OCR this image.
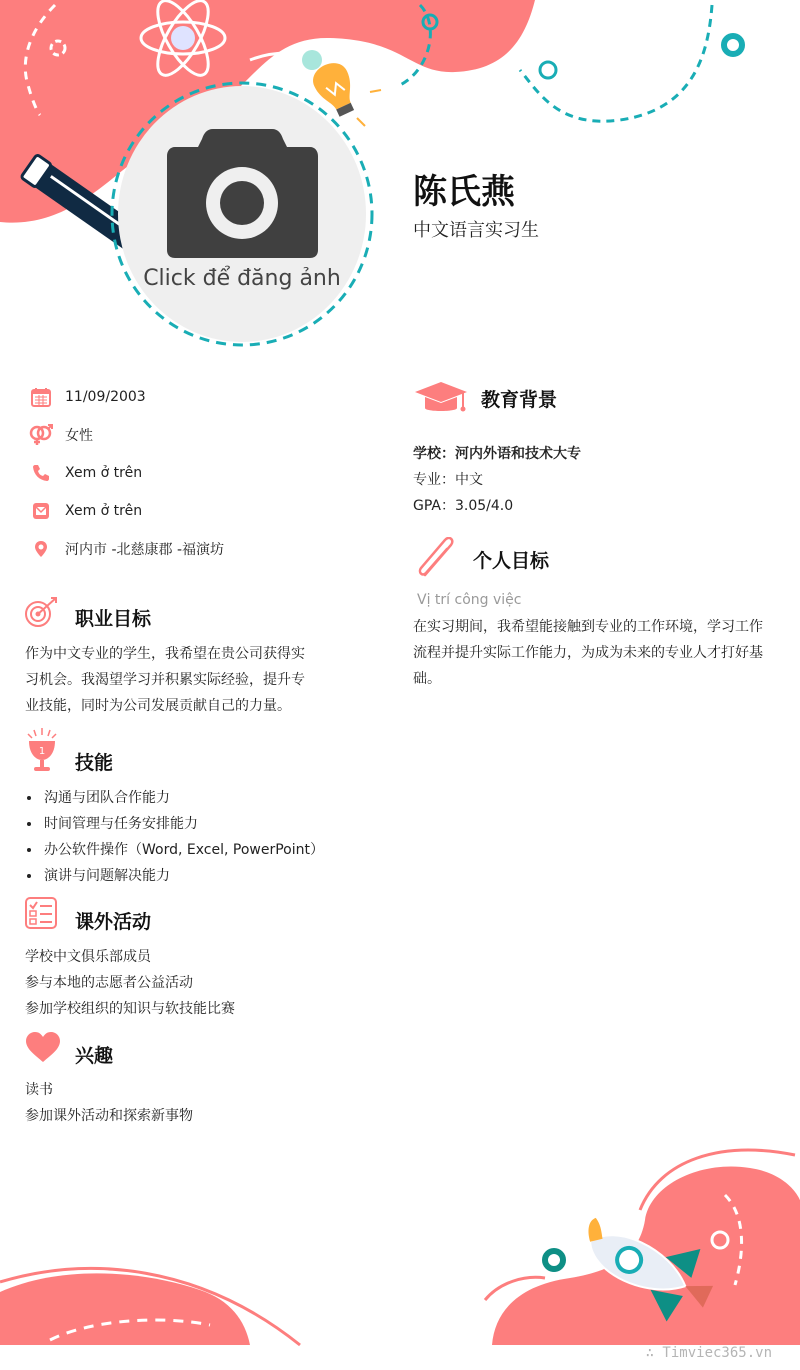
Click để đăng ảnh
陈氏燕
中文语言实习生
11/09/2003
女性
Xem ở trên
Xem ở trên
河内市 -北慈康郡 -福演坊
职业目标
作为中文专业的学生，我希望在贵公司获得实
习机会。我渴望学习并积累实际经验，提升专
业技能，同时为公司发展贡献自己的力量。
1
技能
沟通与团队合作能力
时间管理与任务安排能力
办公软件操作（Word, Excel, PowerPoint）
演讲与问题解决能力
课外活动
学校中文俱乐部成员
参与本地的志愿者公益活动
参加学校组织的知识与软技能比赛
兴趣
读书
参加课外活动和探索新事物
教育背景
学校：河内外语和技术大专
专业：中文
GPA：3.05/4.0
个人目标
Vị trí công việc
在实习期间，我希望能接触到专业的工作环境，学习工作
流程并提升实际工作能力，为成为未来的专业人才打好基
础。
∴ Timviec365.vn
